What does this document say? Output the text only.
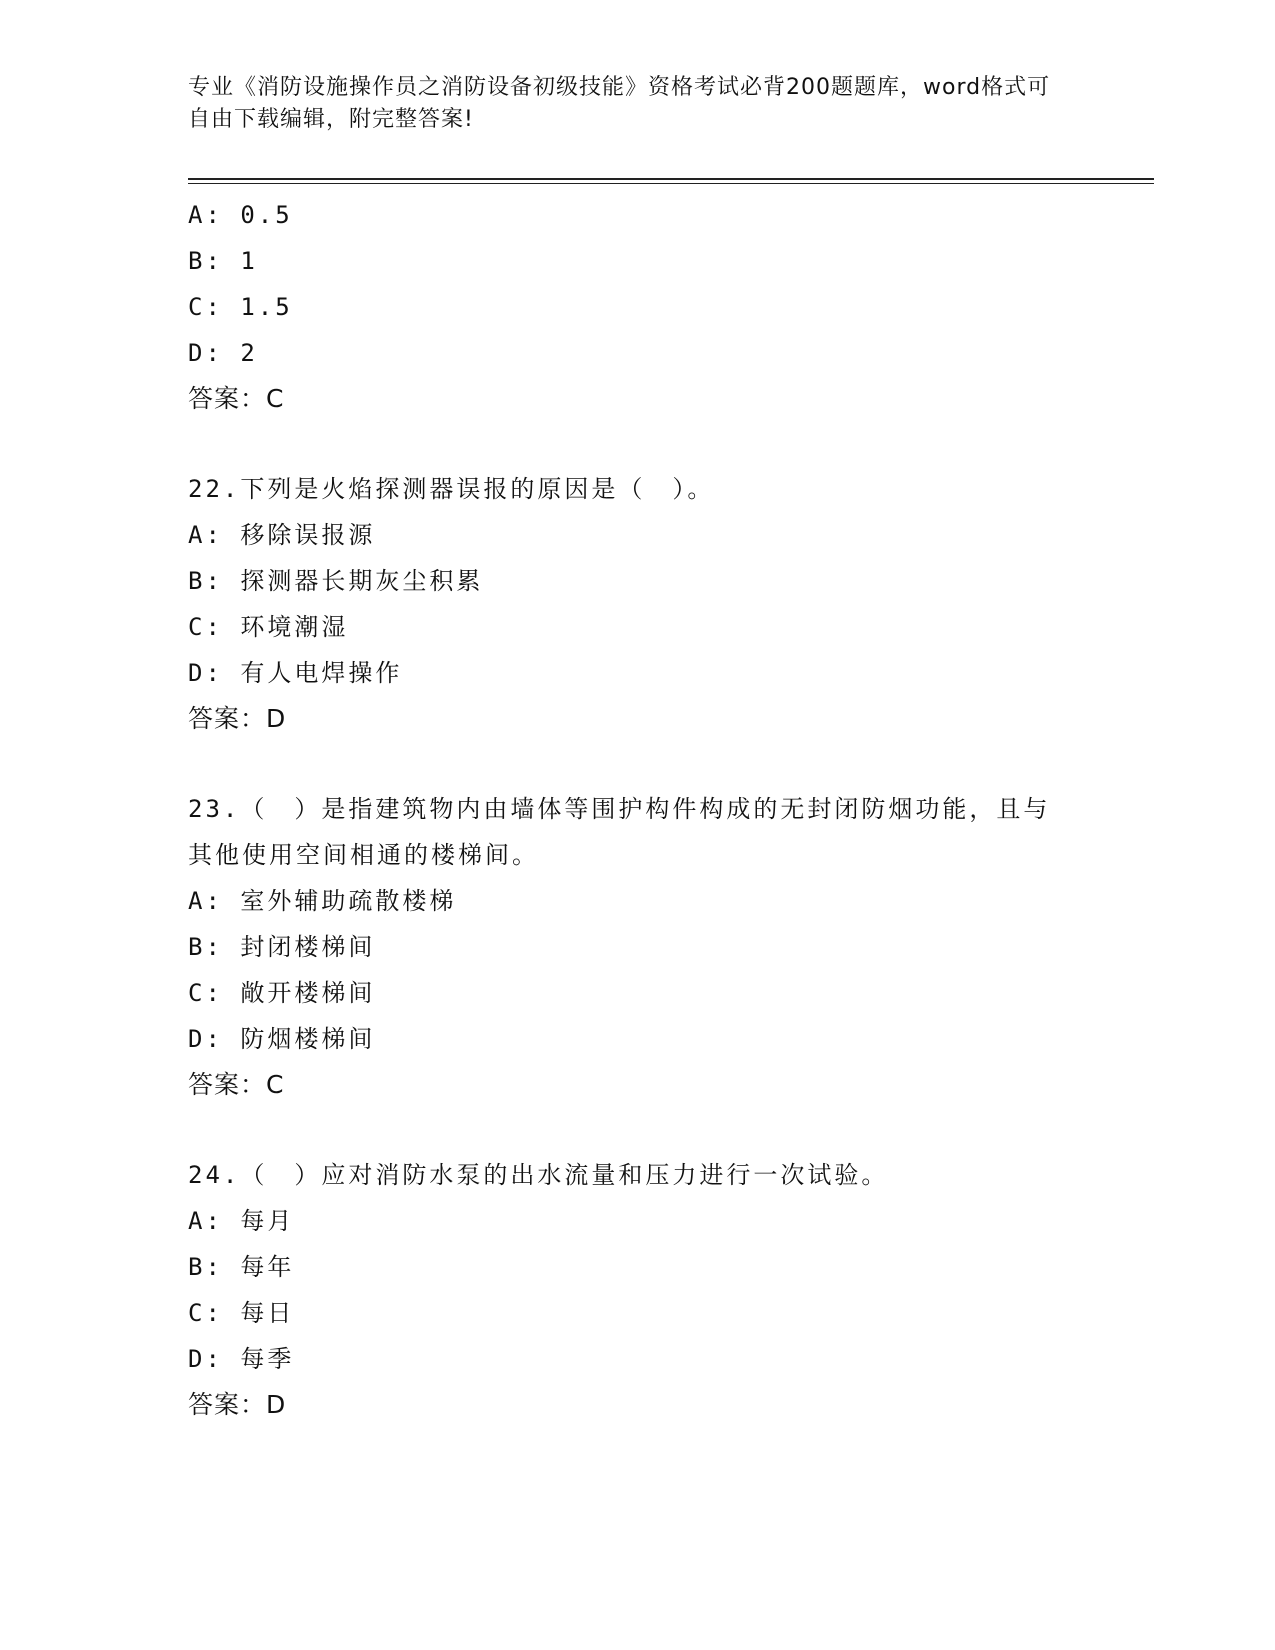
专业《消防设施操作员之消防设备初级技能》资格考试必背200题题库，word格式可自由下载编辑，附完整答案!
A: 0.5
B: 1
C: 1.5
D: 2
答案：C
22.下列是火焰探测器误报的原因是（　）。
A: 移除误报源
B: 探测器长期灰尘积累
C: 环境潮湿
D: 有人电焊操作
答案：D
23.（　）是指建筑物内由墙体等围护构件构成的无封闭防烟功能，且与其他使用空间相通的楼梯间。
A: 室外辅助疏散楼梯
B: 封闭楼梯间
C: 敞开楼梯间
D: 防烟楼梯间
答案：C
24.（　）应对消防水泵的出水流量和压力进行一次试验。
A: 每月
B: 每年
C: 每日
D: 每季
答案：D
